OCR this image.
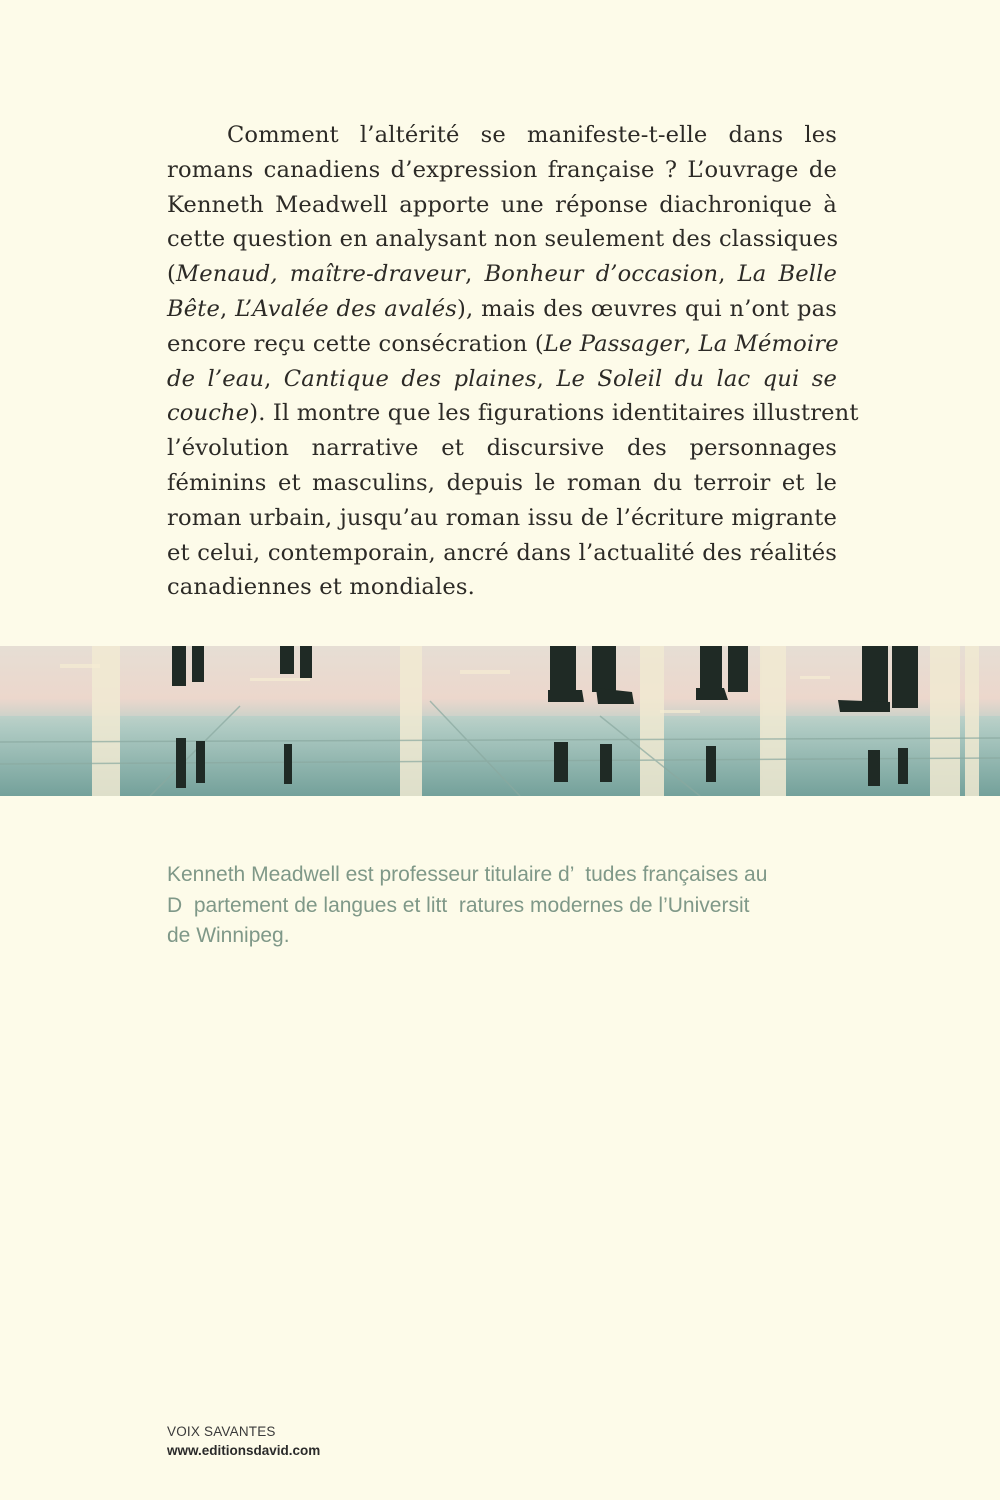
Comment l’altérité se manifeste-t-elle dans les
romans canadiens d’expression française ? L’ouvrage de
Kenneth Meadwell apporte une réponse diachronique à
cette question en analysant non seulement des classiques
(Menaud, maître-draveur, Bonheur d’occasion, La Belle
Bête, L’Avalée des avalés), mais des œuvres qui n’ont pas
encore reçu cette consécration (Le Passager, La Mémoire
de l’eau, Cantique des plaines, Le Soleil du lac qui se
couche). Il montre que les figurations identitaires illustrent
l’évolution narrative et discursive des personnages
féminins et masculins, depuis le roman du terroir et le
roman urbain, jusqu’au roman issu de l’écriture migrante
et celui, contemporain, ancré dans l’actualité des réalités
canadiennes et mondiales.
Kenneth Meadwell est professeur titulaire d’  tudes françaises au
D  partement de langues et litt  ratures modernes de l’Universit
de Winnipeg.
VOIX SAVANTES
www.editionsdavid.com
